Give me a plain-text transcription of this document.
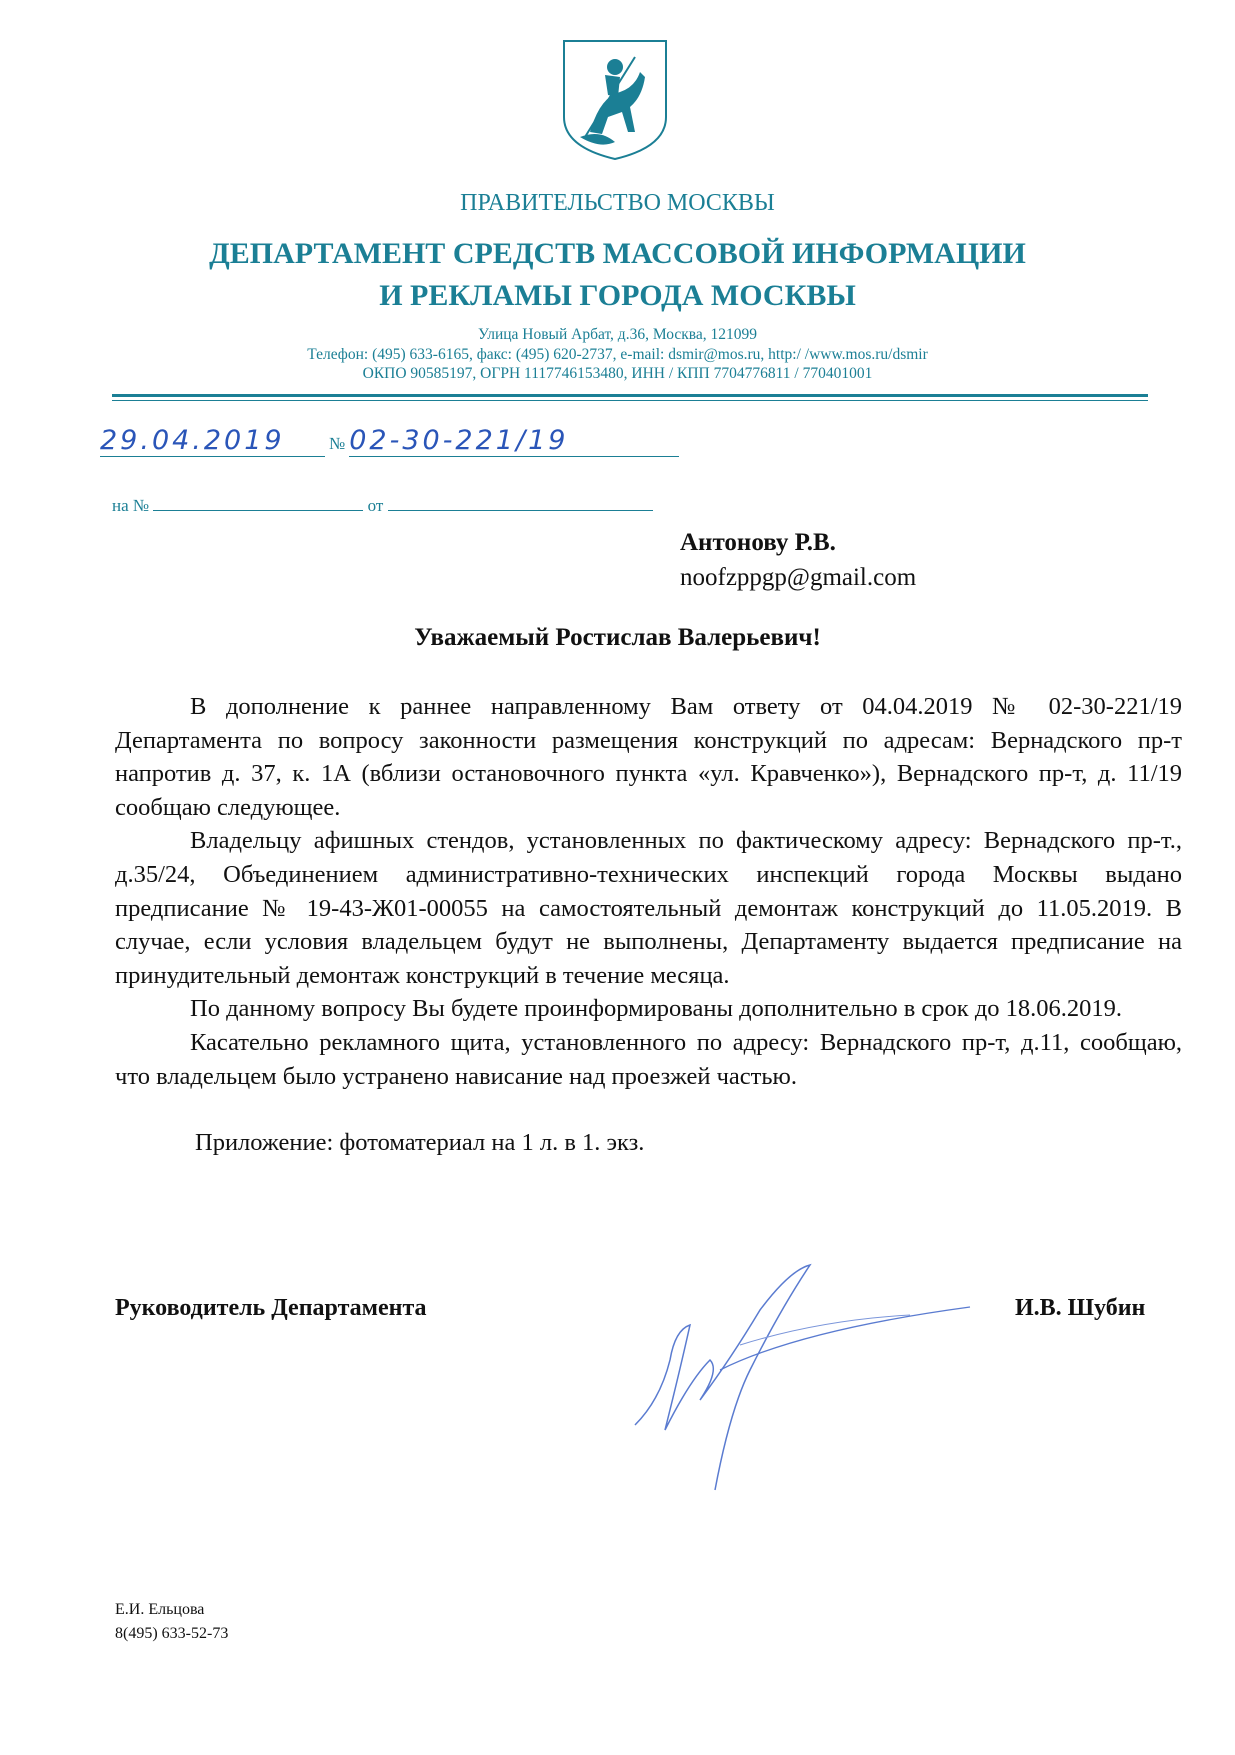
ПРАВИТЕЛЬСТВО МОСКВЫ
ДЕПАРТАМЕНТ СРЕДСТВ МАССОВОЙ ИНФОРМАЦИИ
И РЕКЛАМЫ ГОРОДА МОСКВЫ
Улица Новый Арбат, д.36, Москва, 121099
Телефон: (495) 633-6165, факс: (495) 620-2737, e-mail: dsmir@mos.ru, http:/ /www.mos.ru/dsmir
ОКПО 90585197, ОГРН 1117746153480, ИНН / КПП 7704776811 / 770401001
29.04.2019	№ 02-30-221/19
на №	от
Антонову Р.В.
noofzppgp@gmail.com
Уважаемый Ростислав Валерьевич!

В дополнение к раннее направленному Вам ответу от 04.04.2019 № 02-30-221/19 Департамента по вопросу законности размещения конструкций по адресам: Вернадского пр-т напротив д. 37, к. 1А (вблизи остановочного пункта «ул. Кравченко»), Вернадского пр-т, д. 11/19 сообщаю следующее.

Владельцу афишных стендов, установленных по фактическому адресу: Вернадского пр-т., д.35/24, Объединением административно-технических инспекций города Москвы выдано предписание № 19-43-Ж01-00055 на самостоятельный демонтаж конструкций до 11.05.2019. В случае, если условия владельцем будут не выполнены, Департаменту выдается предписание на принудительный демонтаж конструкций в течение месяца.

По данному вопросу Вы будете проинформированы дополнительно в срок до 18.06.2019.

Касательно рекламного щита, установленного по адресу: Вернадского пр-т, д.11, сообщаю, что владельцем было устранено нависание над проезжей частью.

Приложение: фотоматериал на 1 л. в 1. экз.

Руководитель Департамента	И.В. Шубин
Е.И. Ельцова
8(495) 633-52-73
